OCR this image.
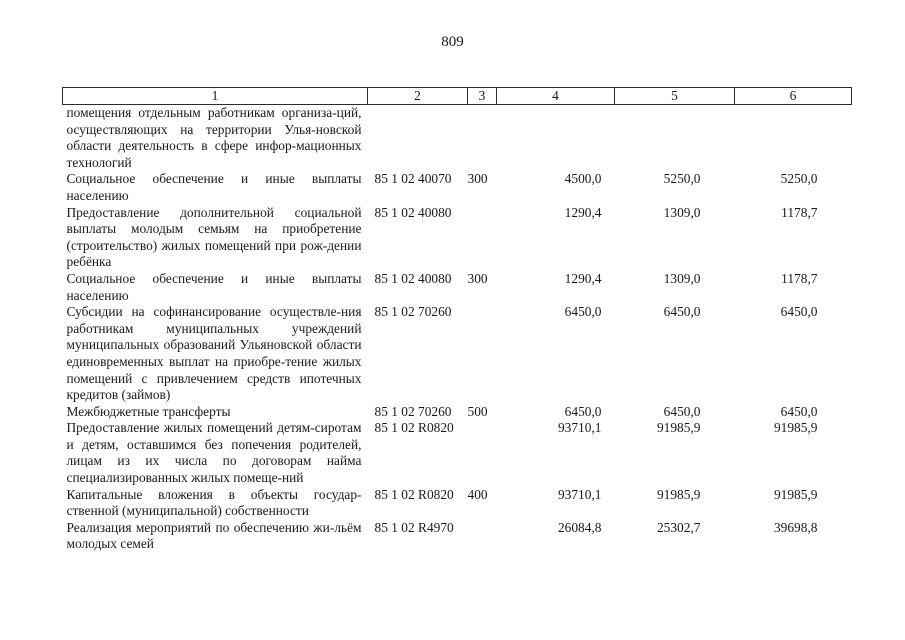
809
1	2	3	4	5	6
помещения отдельным работникам организа-ций, осуществляющих на территории Улья-новской области деятельность в сфере инфор-мационных технологий					
Социальное обеспечение и иные выплаты населению	85 1 02 40070	300	4500,0	5250,0	5250,0
Предоставление дополнительной социальной выплаты молодым семьям на приобретение (строительство) жилых помещений при рож-дении ребёнка	85 1 02 40080		1290,4	1309,0	1178,7
Социальное обеспечение и иные выплаты населению	85 1 02 40080	300	1290,4	1309,0	1178,7
Субсидии на софинансирование осуществле-ния работникам муниципальных учреждений муниципальных образований Ульяновской области единовременных выплат на приобре-тение жилых помещений с привлечением средств ипотечных кредитов (займов)	85 1 02 70260		6450,0	6450,0	6450,0
Межбюджетные трансферты	85 1 02 70260	500	6450,0	6450,0	6450,0
Предоставление жилых помещений детям-сиротам и детям, оставшимся без попечения родителей, лицам из их числа по договорам найма специализированных жилых помеще-ний	85 1 02 R0820		93710,1	91985,9	91985,9
Капитальные вложения в объекты государ-ственной (муниципальной) собственности	85 1 02 R0820	400	93710,1	91985,9	91985,9
Реализация мероприятий по обеспечению жи-льём молодых семей	85 1 02 R4970		26084,8	25302,7	39698,8
